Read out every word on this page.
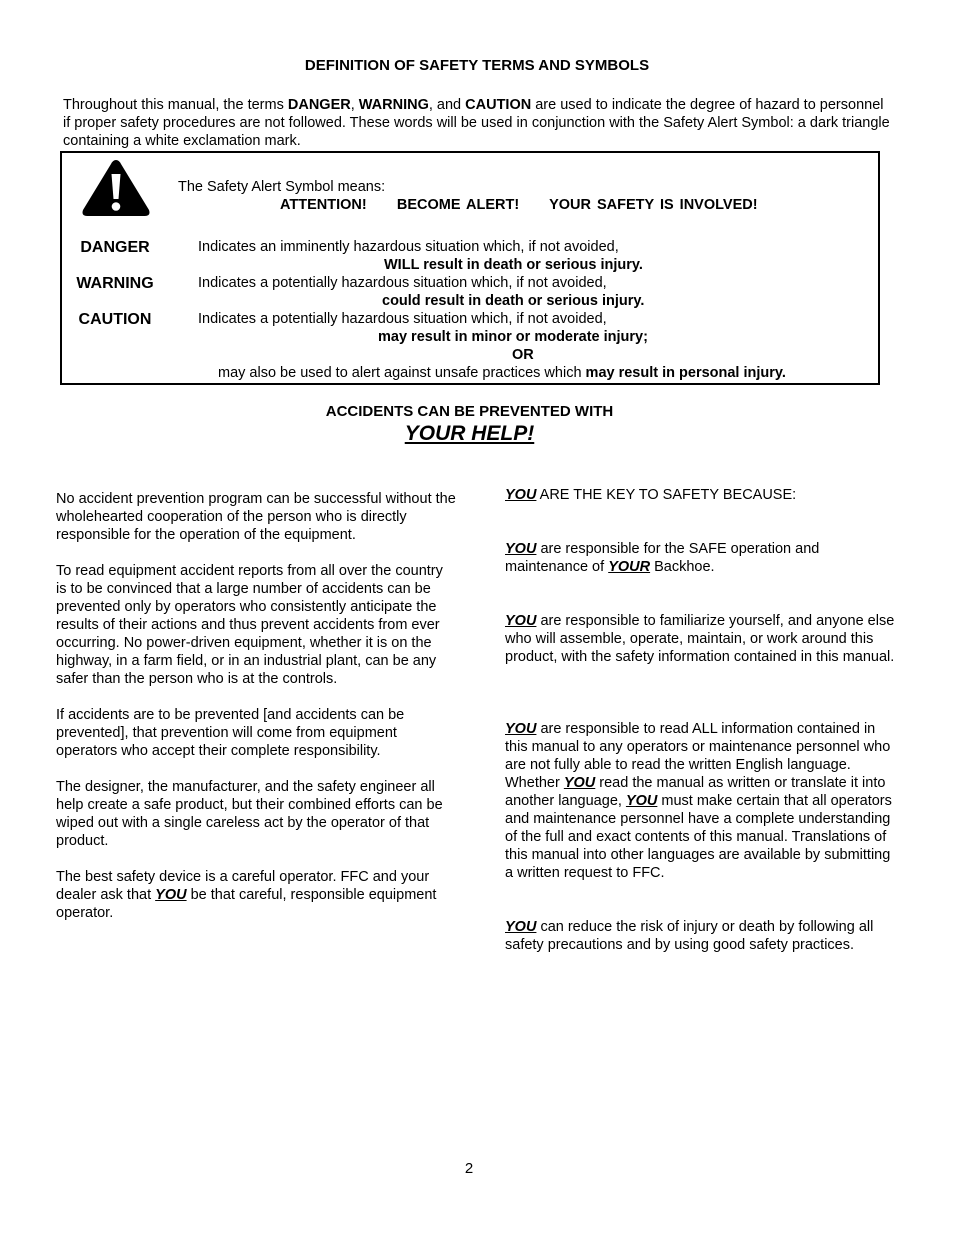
DEFINITION OF SAFETY TERMS AND SYMBOLS
Throughout this manual, the terms DANGER, WARNING, and CAUTION are used to indicate the degree of hazard to personnel if proper safety procedures are not followed. These words will be used in conjunction with the Safety Alert Symbol: a dark triangle containing a white exclamation mark.
The Safety Alert Symbol means:
ATTENTION! BECOME ALERT! YOUR SAFETY IS INVOLVED!
DANGER	Indicates an imminently hazardous situation which, if not avoided,
WILL result in death or serious injury.
WARNING	Indicates a potentially hazardous situation which, if not avoided,
could result in death or serious injury.
CAUTION	Indicates a potentially hazardous situation which, if not avoided,
may result in minor or moderate injury;
OR
may also be used to alert against unsafe practices which may result in personal injury.
ACCIDENTS CAN BE PREVENTED WITH
YOUR HELP!

No accident prevention program can be successful without the wholehearted cooperation of the person who is directly responsible for the operation of the equipment.

To read equipment accident reports from all over the country is to be convinced that a large number of accidents can be prevented only by operators who consistently anticipate the results of their actions and thus prevent accidents from ever occurring. No power-driven equipment, whether it is on the highway, in a farm field, or in an industrial plant, can be any safer than the person who is at the controls.

If accidents are to be prevented [and accidents can be prevented], that prevention will come from equipment operators who accept their complete responsibility.

The designer, the manufacturer, and the safety engineer all help create a safe product, but their combined efforts can be wiped out with a single careless act by the operator of that product.

The best safety device is a careful operator. FFC and your dealer ask that YOU be that careful, responsible equipment operator.

YOU ARE THE KEY TO SAFETY BECAUSE:
YOU are responsible for the SAFE operation and maintenance of YOUR Backhoe.
YOU are responsible to familiarize yourself, and anyone else who will assemble, operate, maintain, or work around this product, with the safety information contained in this manual.
YOU are responsible to read ALL information contained in this manual to any operators or maintenance personnel who are not fully able to read the written English language. Whether YOU read the manual as written or translate it into another language, YOU must make certain that all operators and maintenance personnel have a complete understanding of the full and exact contents of this manual. Translations of this manual into other languages are available by submitting a written request to FFC.
YOU can reduce the risk of injury or death by following all safety precautions and by using good safety practices.
2
